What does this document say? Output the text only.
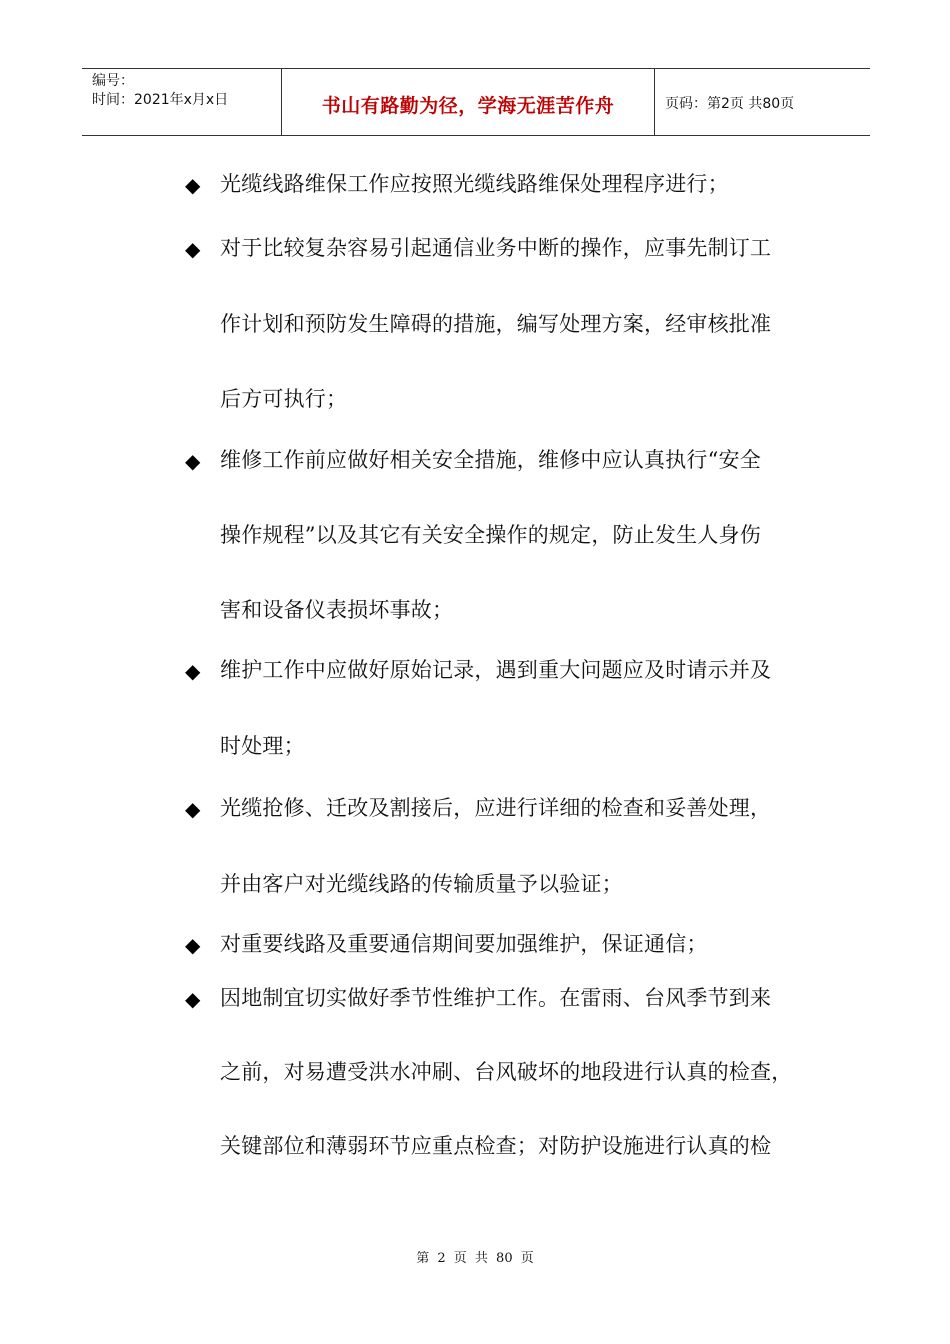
编号：
时间：2021年x月x日	书山有路勤为径，学海无涯苦作舟	页码：第2页 共80页
◆ 光缆线路维保工作应按照光缆线路维保处理程序进行；
◆ 对于比较复杂容易引起通信业务中断的操作，应事先制订工
作计划和预防发生障碍的措施，编写处理方案，经审核批准
后方可执行；
◆ 维修工作前应做好相关安全措施，维修中应认真执行“安全
操作规程”以及其它有关安全操作的规定，防止发生人身伤
害和设备仪表损坏事故；
◆ 维护工作中应做好原始记录，遇到重大问题应及时请示并及
时处理；
◆ 光缆抢修、迁改及割接后，应进行详细的检查和妥善处理，
并由客户对光缆线路的传输质量予以验证；
◆ 对重要线路及重要通信期间要加强维护，保证通信；
◆ 因地制宜切实做好季节性维护工作。在雷雨、台风季节到来
之前，对易遭受洪水冲刷、台风破坏的地段进行认真的检查，
关键部位和薄弱环节应重点检查；对防护设施进行认真的检
第 2 页 共 80 页
